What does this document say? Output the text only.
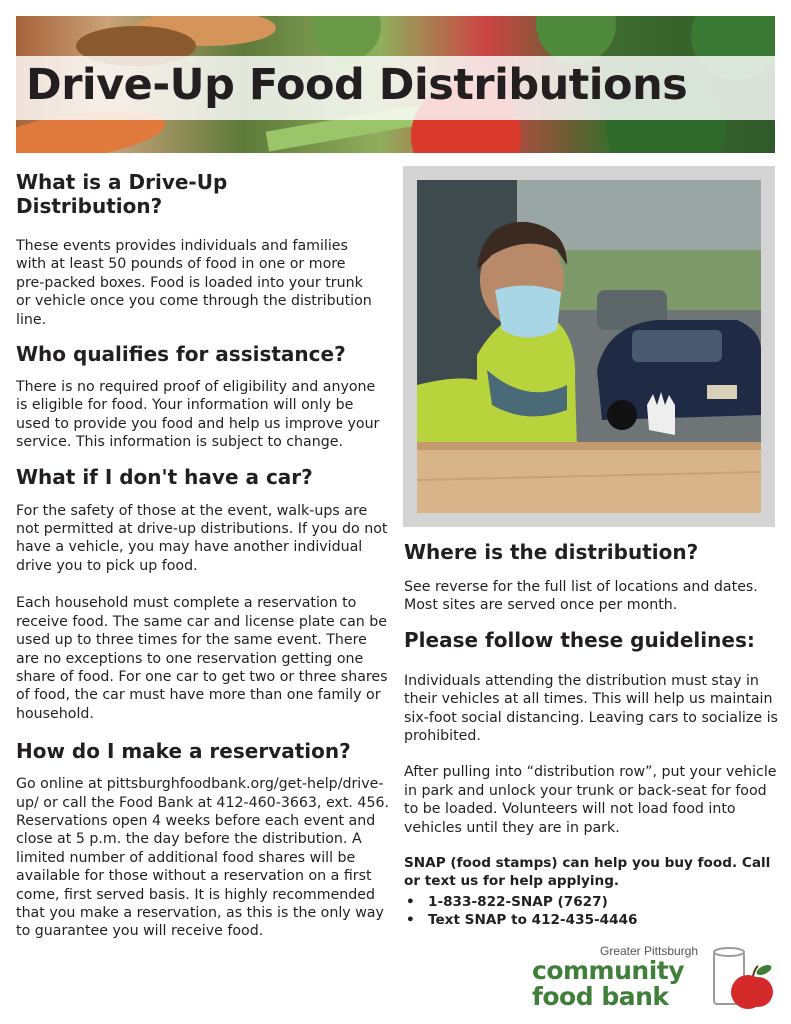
Drive-Up Food Distributions
What is a Drive-Up Distribution?

These events provides individuals and families with at least 50 pounds of food in one or more pre-packed boxes. Food is loaded into your trunk or vehicle once you come through the distribution line.

Who qualifies for assistance?

There is no required proof of eligibility and anyone is eligible for food. Your information will only be used to provide you food and help us improve your service. This information is subject to change.

What if I don't have a car?

For the safety of those at the event, walk-ups are not permitted at drive-up distributions. If you do not have a vehicle, you may have another individual drive you to pick up food.

Each household must complete a reservation to receive food. The same car and license plate can be used up to three times for the same event. There are no exceptions to one reservation getting one share of food. For one car to get two or three shares of food, the car must have more than one family or household.

How do I make a reservation?

Go online at pittsburghfoodbank.org/get-help/drive-up/ or call the Food Bank at 412-460-3663, ext. 456. Reservations open 4 weeks before each event and close at 5 p.m. the day before the distribution. A limited number of additional food shares will be available for those without a reservation on a first come, first served basis. It is highly recommended that you make a reservation, as this is the only way to guarantee you will receive food.

Where is the distribution?

See reverse for the full list of locations and dates. Most sites are served once per month.

Please follow these guidelines:

Individuals attending the distribution must stay in their vehicles at all times. This will help us maintain six-foot social distancing. Leaving cars to socialize is prohibited.

After pulling into “distribution row”, put your vehicle in park and unlock your trunk or back-seat for food to be loaded. Volunteers will not load food into vehicles until they are in park.

SNAP (food stamps) can help you buy food. Call or text us for help applying.

• 1-833-822-SNAP (7627)
• Text SNAP to 412-435-4446
Greater Pittsburgh
community
food bank
